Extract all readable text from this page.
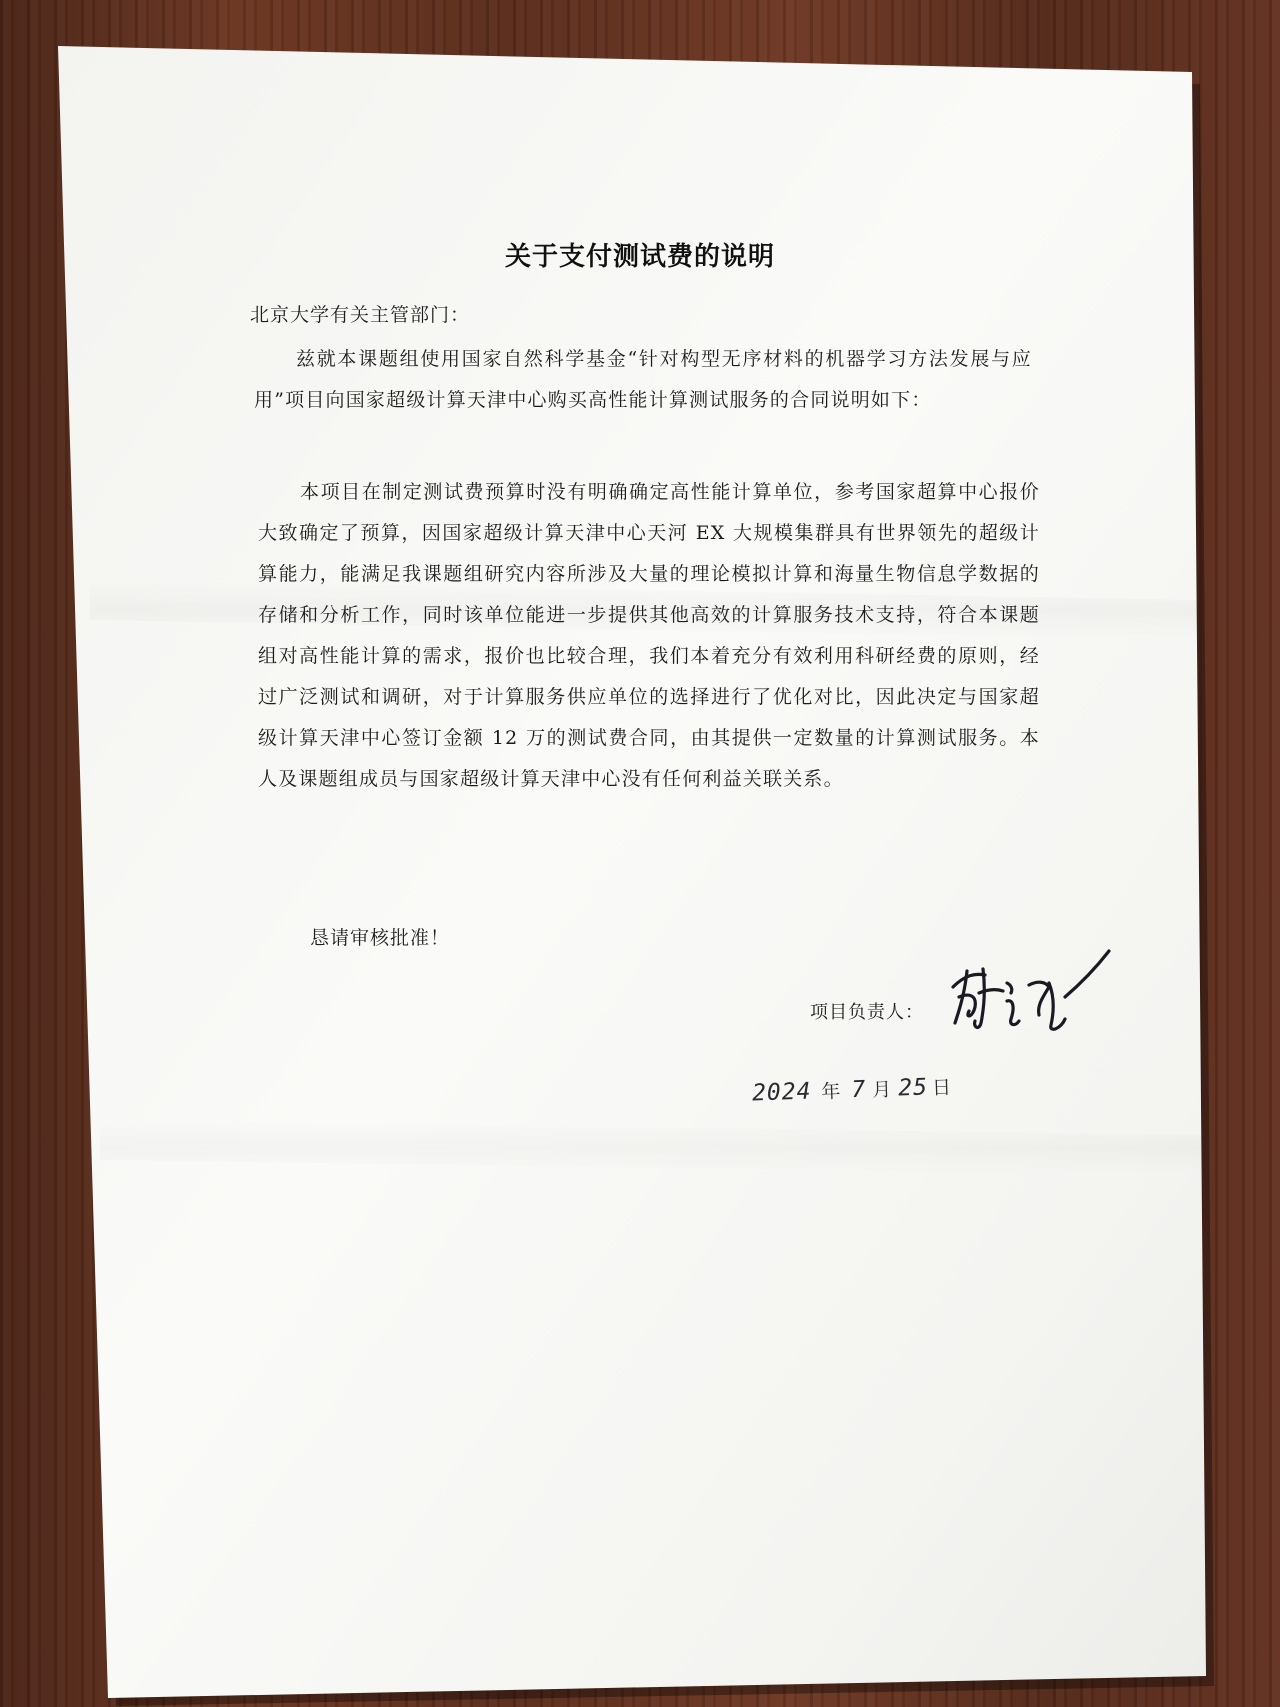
关于支付测试费的说明
北京大学有关主管部门：
兹就本课题组使用国家自然科学基金“针对构型无序材料的机器学习方法发展与应用”项目向国家超级计算天津中心购买高性能计算测试服务的合同说明如下：
本项目在制定测试费预算时没有明确确定高性能计算单位，参考国家超算中心报价大致确定了预算，因国家超级计算天津中心天河 EX 大规模集群具有世界领先的超级计算能力，能满足我课题组研究内容所涉及大量的理论模拟计算和海量生物信息学数据的存储和分析工作，同时该单位能进一步提供其他高效的计算服务技术支持，符合本课题组对高性能计算的需求，报价也比较合理，我们本着充分有效利用科研经费的原则，经过广泛测试和调研，对于计算服务供应单位的选择进行了优化对比，因此决定与国家超级计算天津中心签订金额 12 万的测试费合同，由其提供一定数量的计算测试服务。本人及课题组成员与国家超级计算天津中心没有任何利益关联关系。
恳请审核批准！
项目负责人：
2024 年 7 月 25 日
